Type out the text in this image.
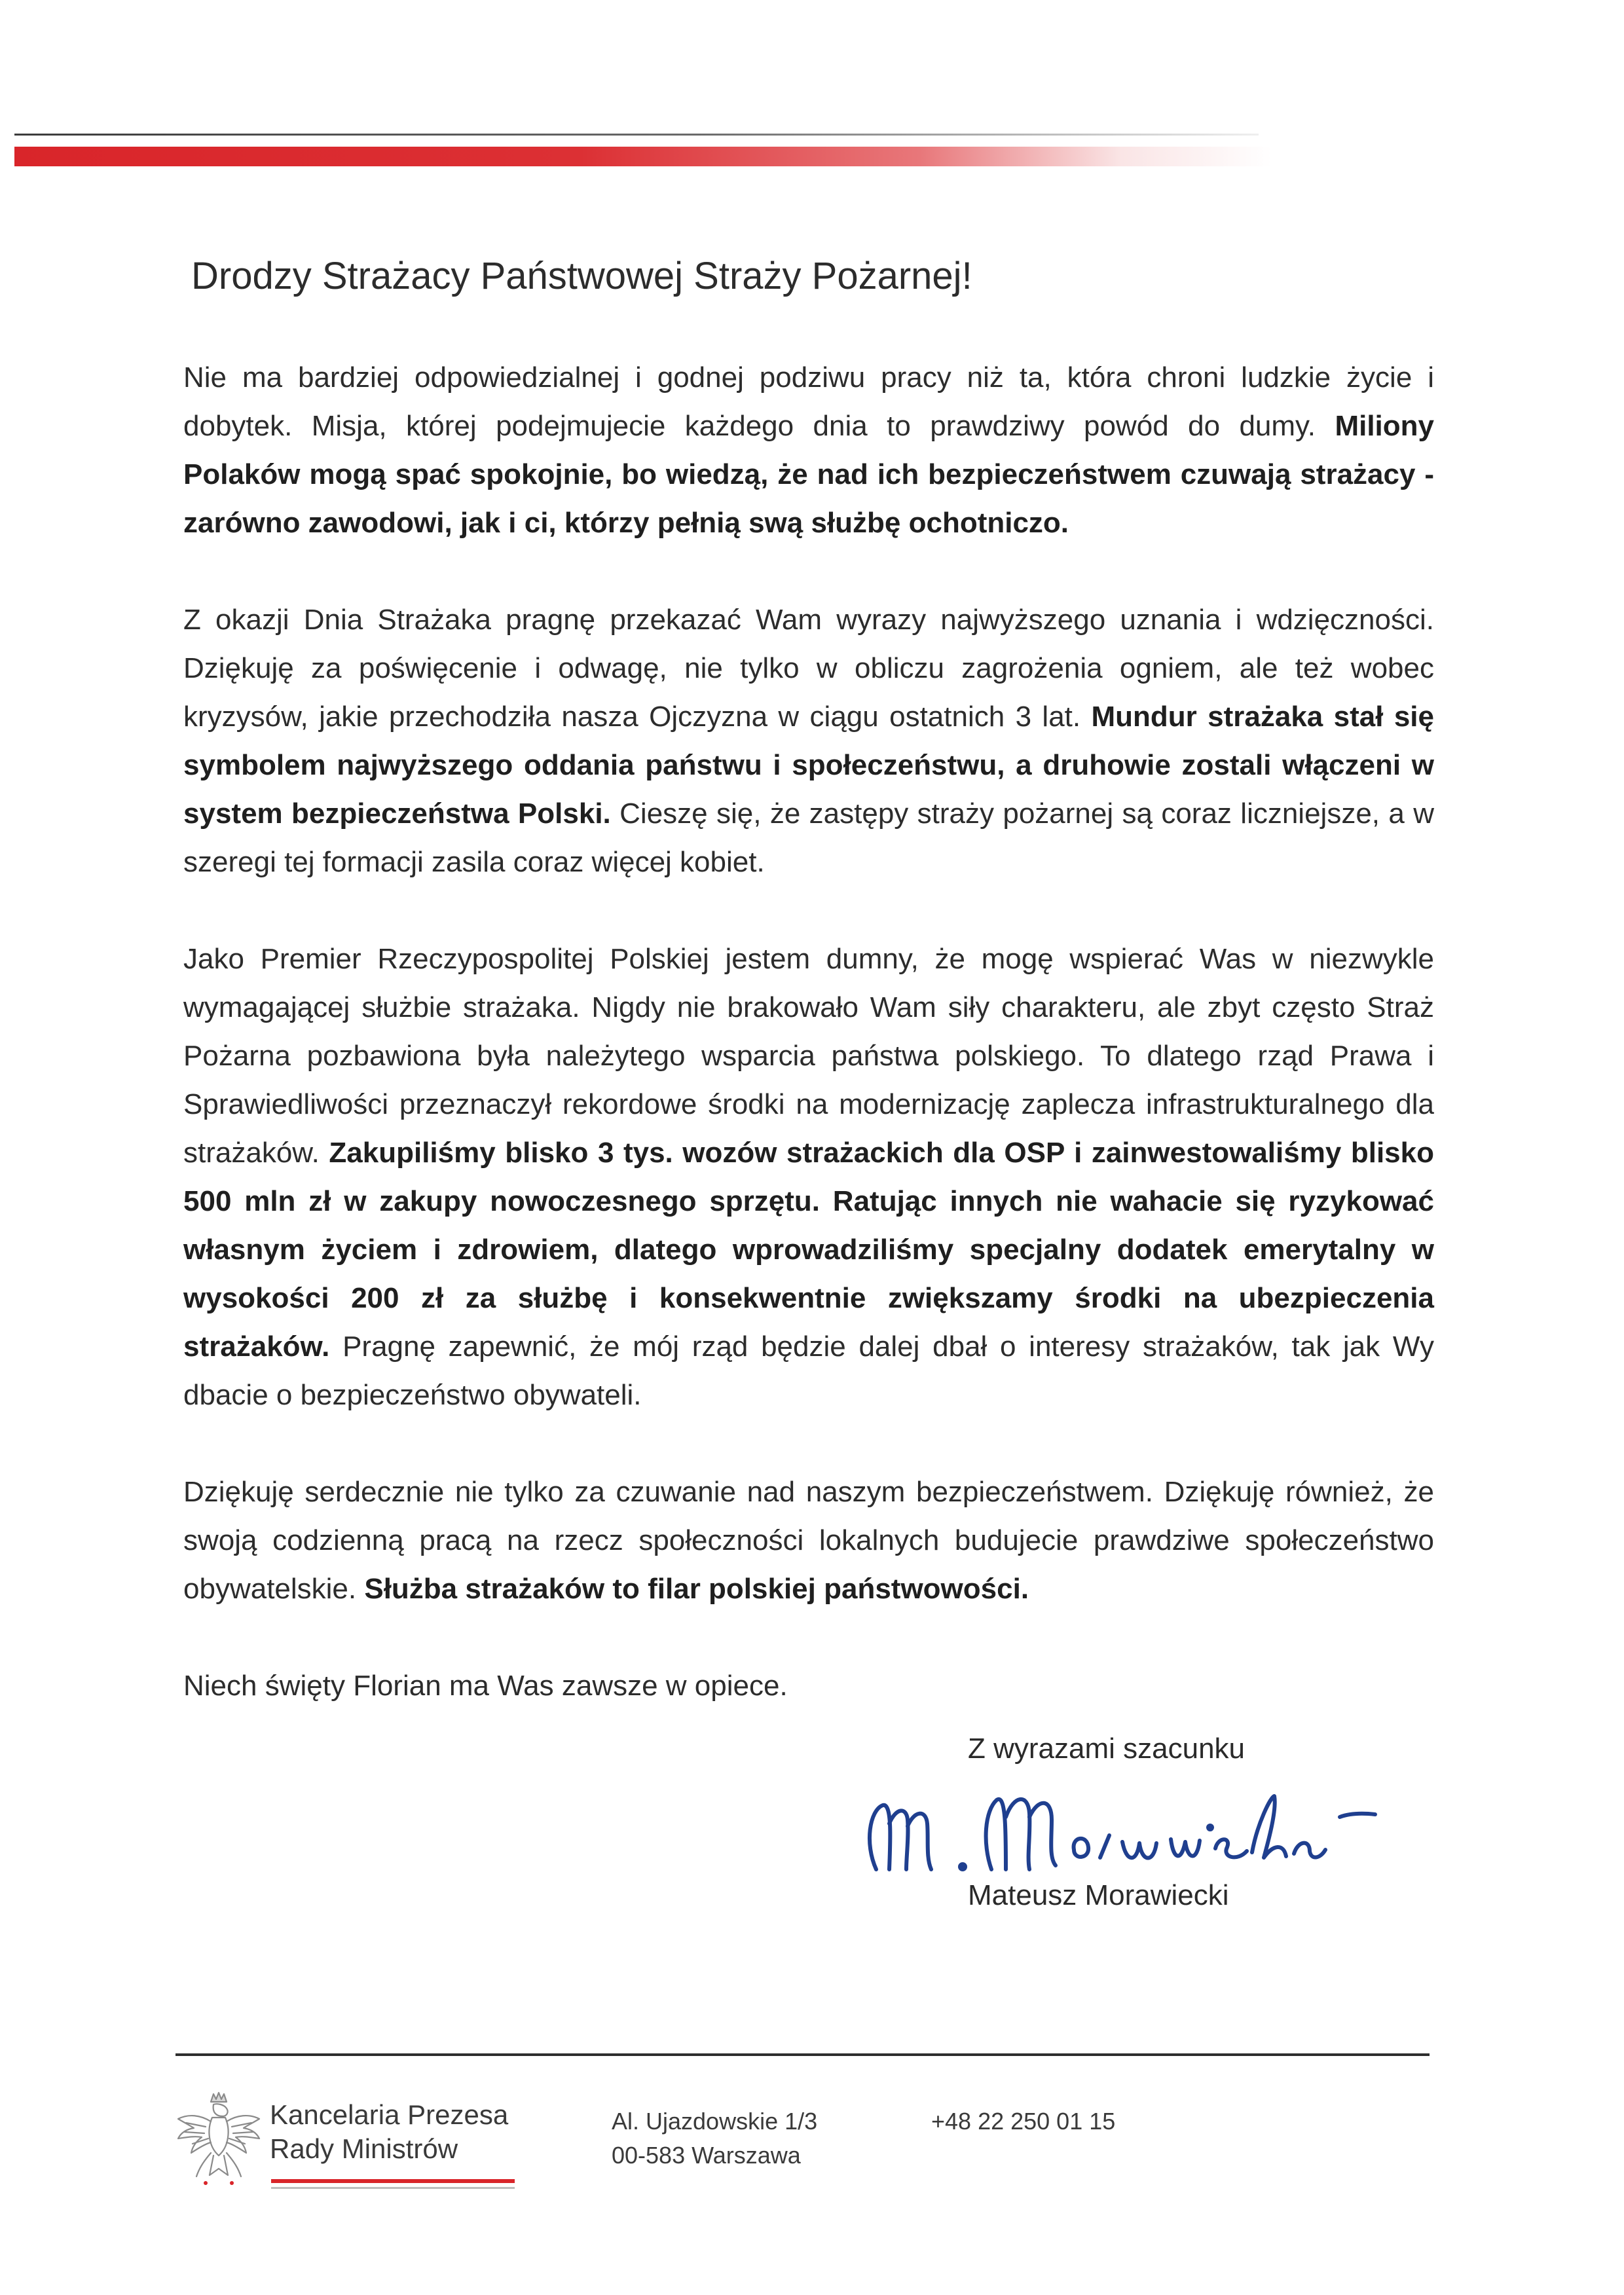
Drodzy Strażacy Państwowej Straży Pożarnej!

Nie ma bardziej odpowiedzialnej i godnej podziwu pracy niż ta, która chroni ludzkie życie i dobytek. Misja, której podejmujecie każdego dnia to prawdziwy powód do dumy. Miliony Polaków mogą spać spokojnie, bo wiedzą, że nad ich bezpieczeństwem czuwają strażacy - zarówno zawodowi, jak i ci, którzy pełnią swą służbę ochotniczo.

Z okazji Dnia Strażaka pragnę przekazać Wam wyrazy najwyższego uznania i wdzięczności. Dziękuję za poświęcenie i odwagę, nie tylko w obliczu zagrożenia ogniem, ale też wobec kryzysów, jakie przechodziła nasza Ojczyzna w ciągu ostatnich 3 lat. Mundur strażaka stał się symbolem najwyższego oddania państwu i społeczeństwu, a druhowie zostali włączeni w system bezpieczeństwa Polski. Cieszę się, że zastępy straży pożarnej są coraz liczniejsze, a w szeregi tej formacji zasila coraz więcej kobiet.

Jako Premier Rzeczypospolitej Polskiej jestem dumny, że mogę wspierać Was w niezwykle wymagającej służbie strażaka. Nigdy nie brakowało Wam siły charakteru, ale zbyt często Straż Pożarna pozbawiona była należytego wsparcia państwa polskiego. To dlatego rząd Prawa i Sprawiedliwości przeznaczył rekordowe środki na modernizację zaplecza infrastrukturalnego dla strażaków. Zakupiliśmy blisko 3 tys. wozów strażackich dla OSP i zainwestowaliśmy blisko 500 mln zł w zakupy nowoczesnego sprzętu. Ratując innych nie wahacie się ryzykować własnym życiem i zdrowiem, dlatego wprowadziliśmy specjalny dodatek emerytalny w wysokości 200 zł za służbę i konsekwentnie zwiększamy środki na ubezpieczenia strażaków. Pragnę zapewnić, że mój rząd będzie dalej dbał o interesy strażaków, tak jak Wy dbacie o bezpieczeństwo obywateli.

Dziękuję serdecznie nie tylko za czuwanie nad naszym bezpieczeństwem. Dziękuję również, że swoją codzienną pracą na rzecz społeczności lokalnych budujecie prawdziwe społeczeństwo obywatelskie. Służba strażaków to filar polskiej państwowości.

Niech święty Florian ma Was zawsze w opiece.

Z wyrazami szacunku
Mateusz Morawiecki
Kancelaria Prezesa
Rady Ministrów
Al. Ujazdowskie 1/3
00-583 Warszawa
+48 22 250 01 15
